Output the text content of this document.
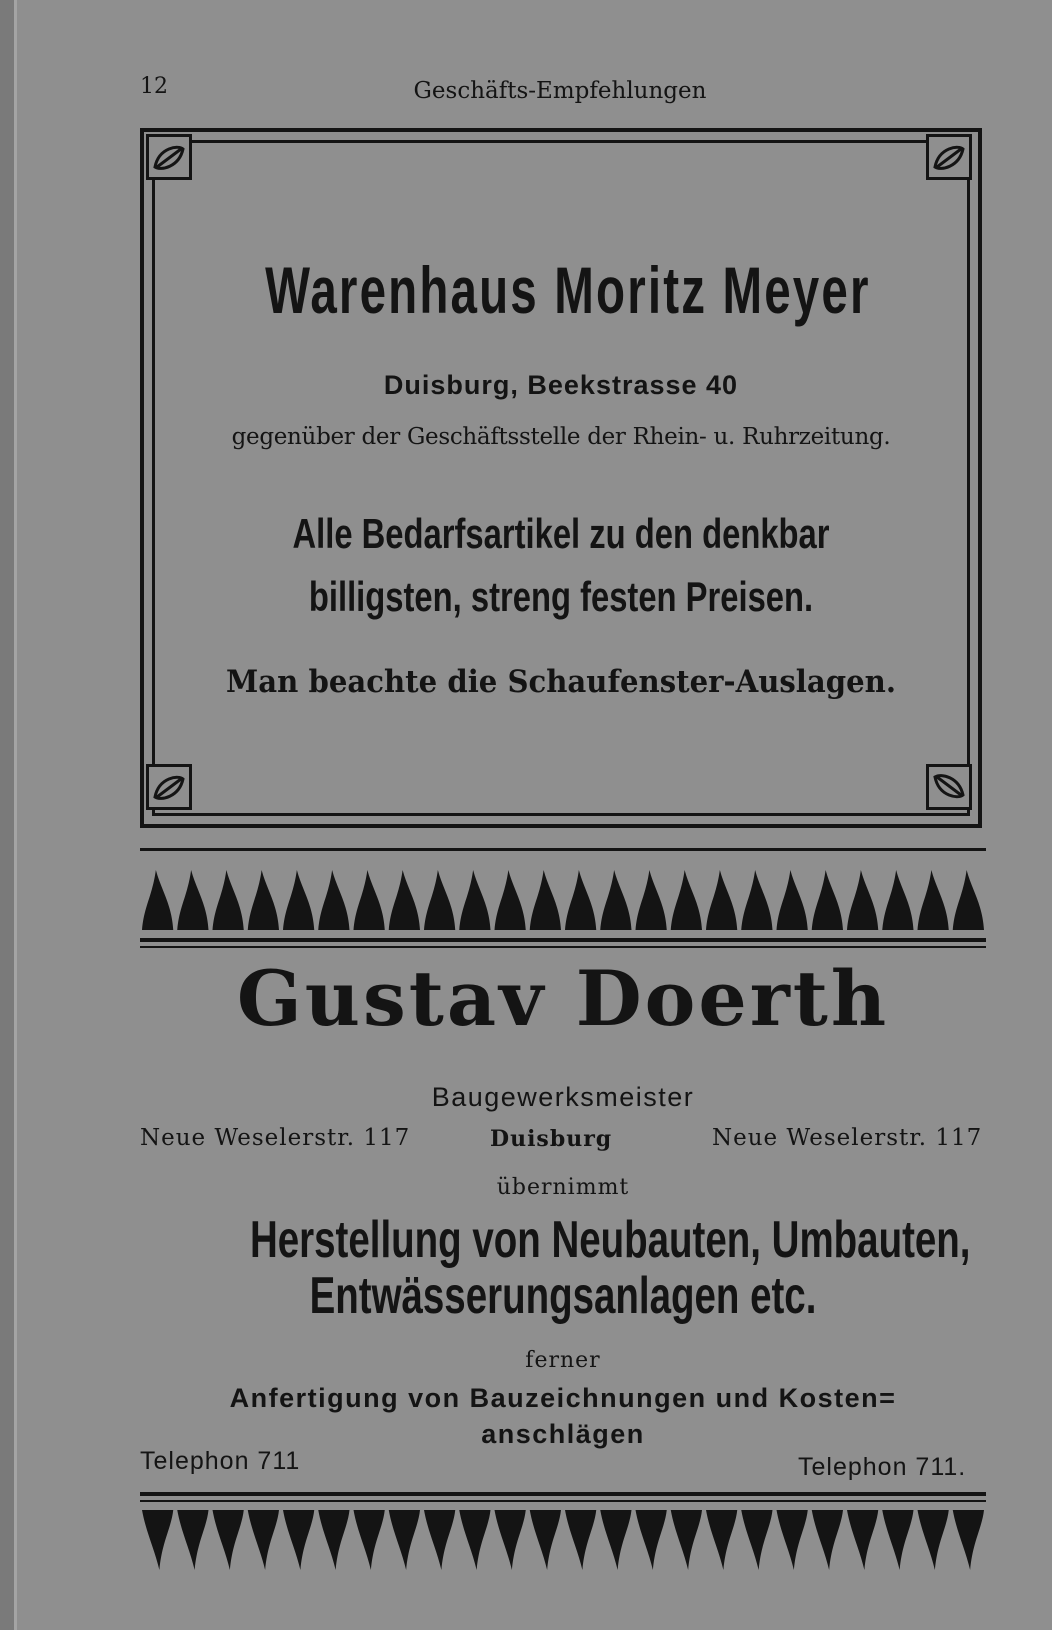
12	Geschäfts-Empfehlungen
Warenhaus Moritz Meyer
Duisburg, Beekstrasse 40
gegenüber der Geschäftsstelle der Rhein- u. Ruhrzeitung.
Alle Bedarfsartikel zu den denkbar
billigsten, streng festen Preisen.
Man beachte die Schaufenster-Auslagen.
Gustav Doerth
Baugewerksmeister
Neue Weselerstr. 117	Duisburg	Neue Weselerstr. 117
übernimmt
Herstellung von Neubauten, Umbauten,
Entwässerungsanlagen etc.
ferner
Anfertigung von Bauzeichnungen und Kosten=
anschlägen
Telephon 711	Telephon 711.
